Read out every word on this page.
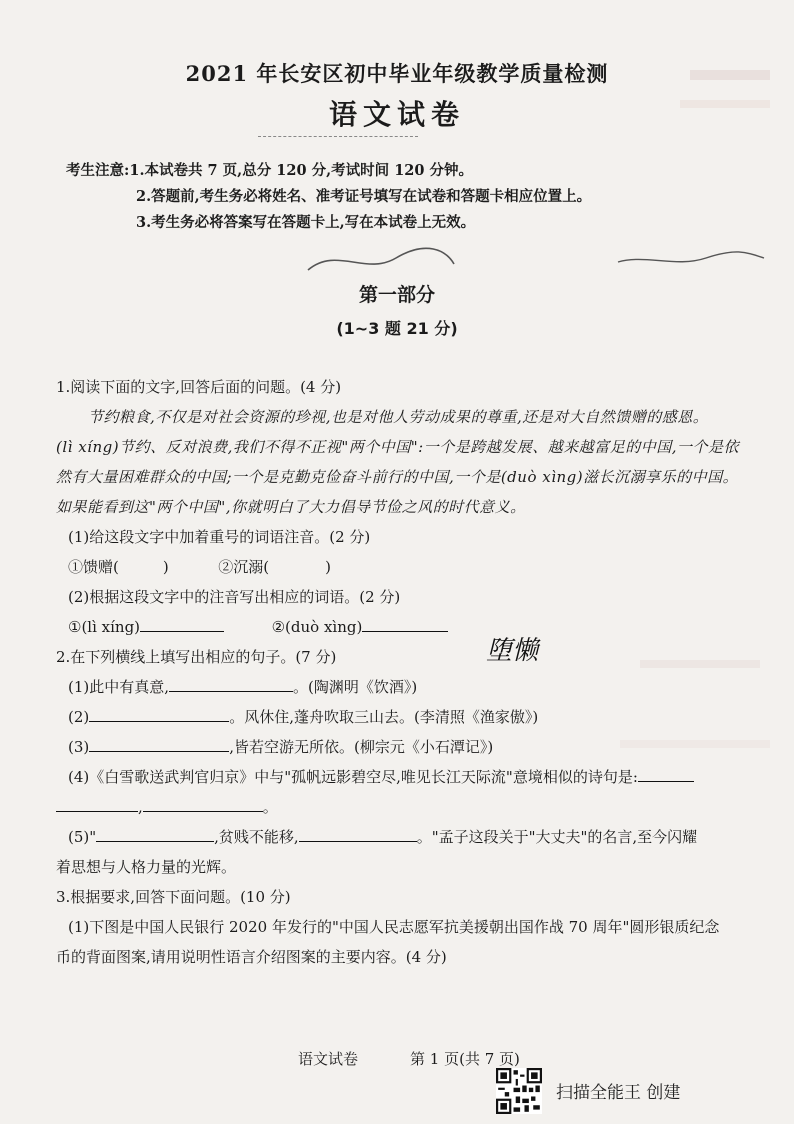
2021 年长安区初中毕业年级教学质量检测
语文试卷
考生注意:1.本试卷共 7 页,总分 120 分,考试时间 120 分钟。
2.答题前,考生务必将姓名、准考证号填写在试卷和答题卡相应位置上。
3.考生务必将答案写在答题卡上,写在本试卷上无效。
第一部分
(1~3 题 21 分)
1.阅读下面的文字,回答后面的问题。(4 分)
节约粮食,不仅是对社会资源的珍视,也是对他人劳动成果的尊重,还是对大自然馈赠的感恩。
(lì xíng)节约、反对浪费,我们不得不正视"两个中国":一个是跨越发展、越来越富足的中国,一个是依
然有大量困难群众的中国;一个是克勤克俭奋斗前行的中国,一个是(duò xìng)滋长沉溺享乐的中国。
如果能看到这"两个中国",你就明白了大力倡导节俭之风的时代意义。
(1)给这段文字中加着重号的词语注音。(2 分)
①馈赠(	)	②沉溺(	)
(2)根据这段文字中的注音写出相应的词语。(2 分)
①(lì xíng)	②(duò xìng)
2.在下列横线上填写出相应的句子。(7 分)
(1)此中有真意,	。(陶渊明《饮酒》)
(2)	。风休住,蓬舟吹取三山去。(李清照《渔家傲》)
(3)	,皆若空游无所依。(柳宗元《小石潭记》)
(4)《白雪歌送武判官归京》中与"孤帆远影碧空尽,唯见长江天际流"意境相似的诗句是:
,	。
(5)"	,贫贱不能移,	。"孟子这段关于"大丈夫"的名言,至今闪耀
着思想与人格力量的光辉。
3.根据要求,回答下面问题。(10 分)
(1)下图是中国人民银行 2020 年发行的"中国人民志愿军抗美援朝出国作战 70 周年"圆形银质纪念
币的背面图案,请用说明性语言介绍图案的主要内容。(4 分)
堕懒
语文试卷	第 1 页(共 7 页)
扫描全能王 创建
